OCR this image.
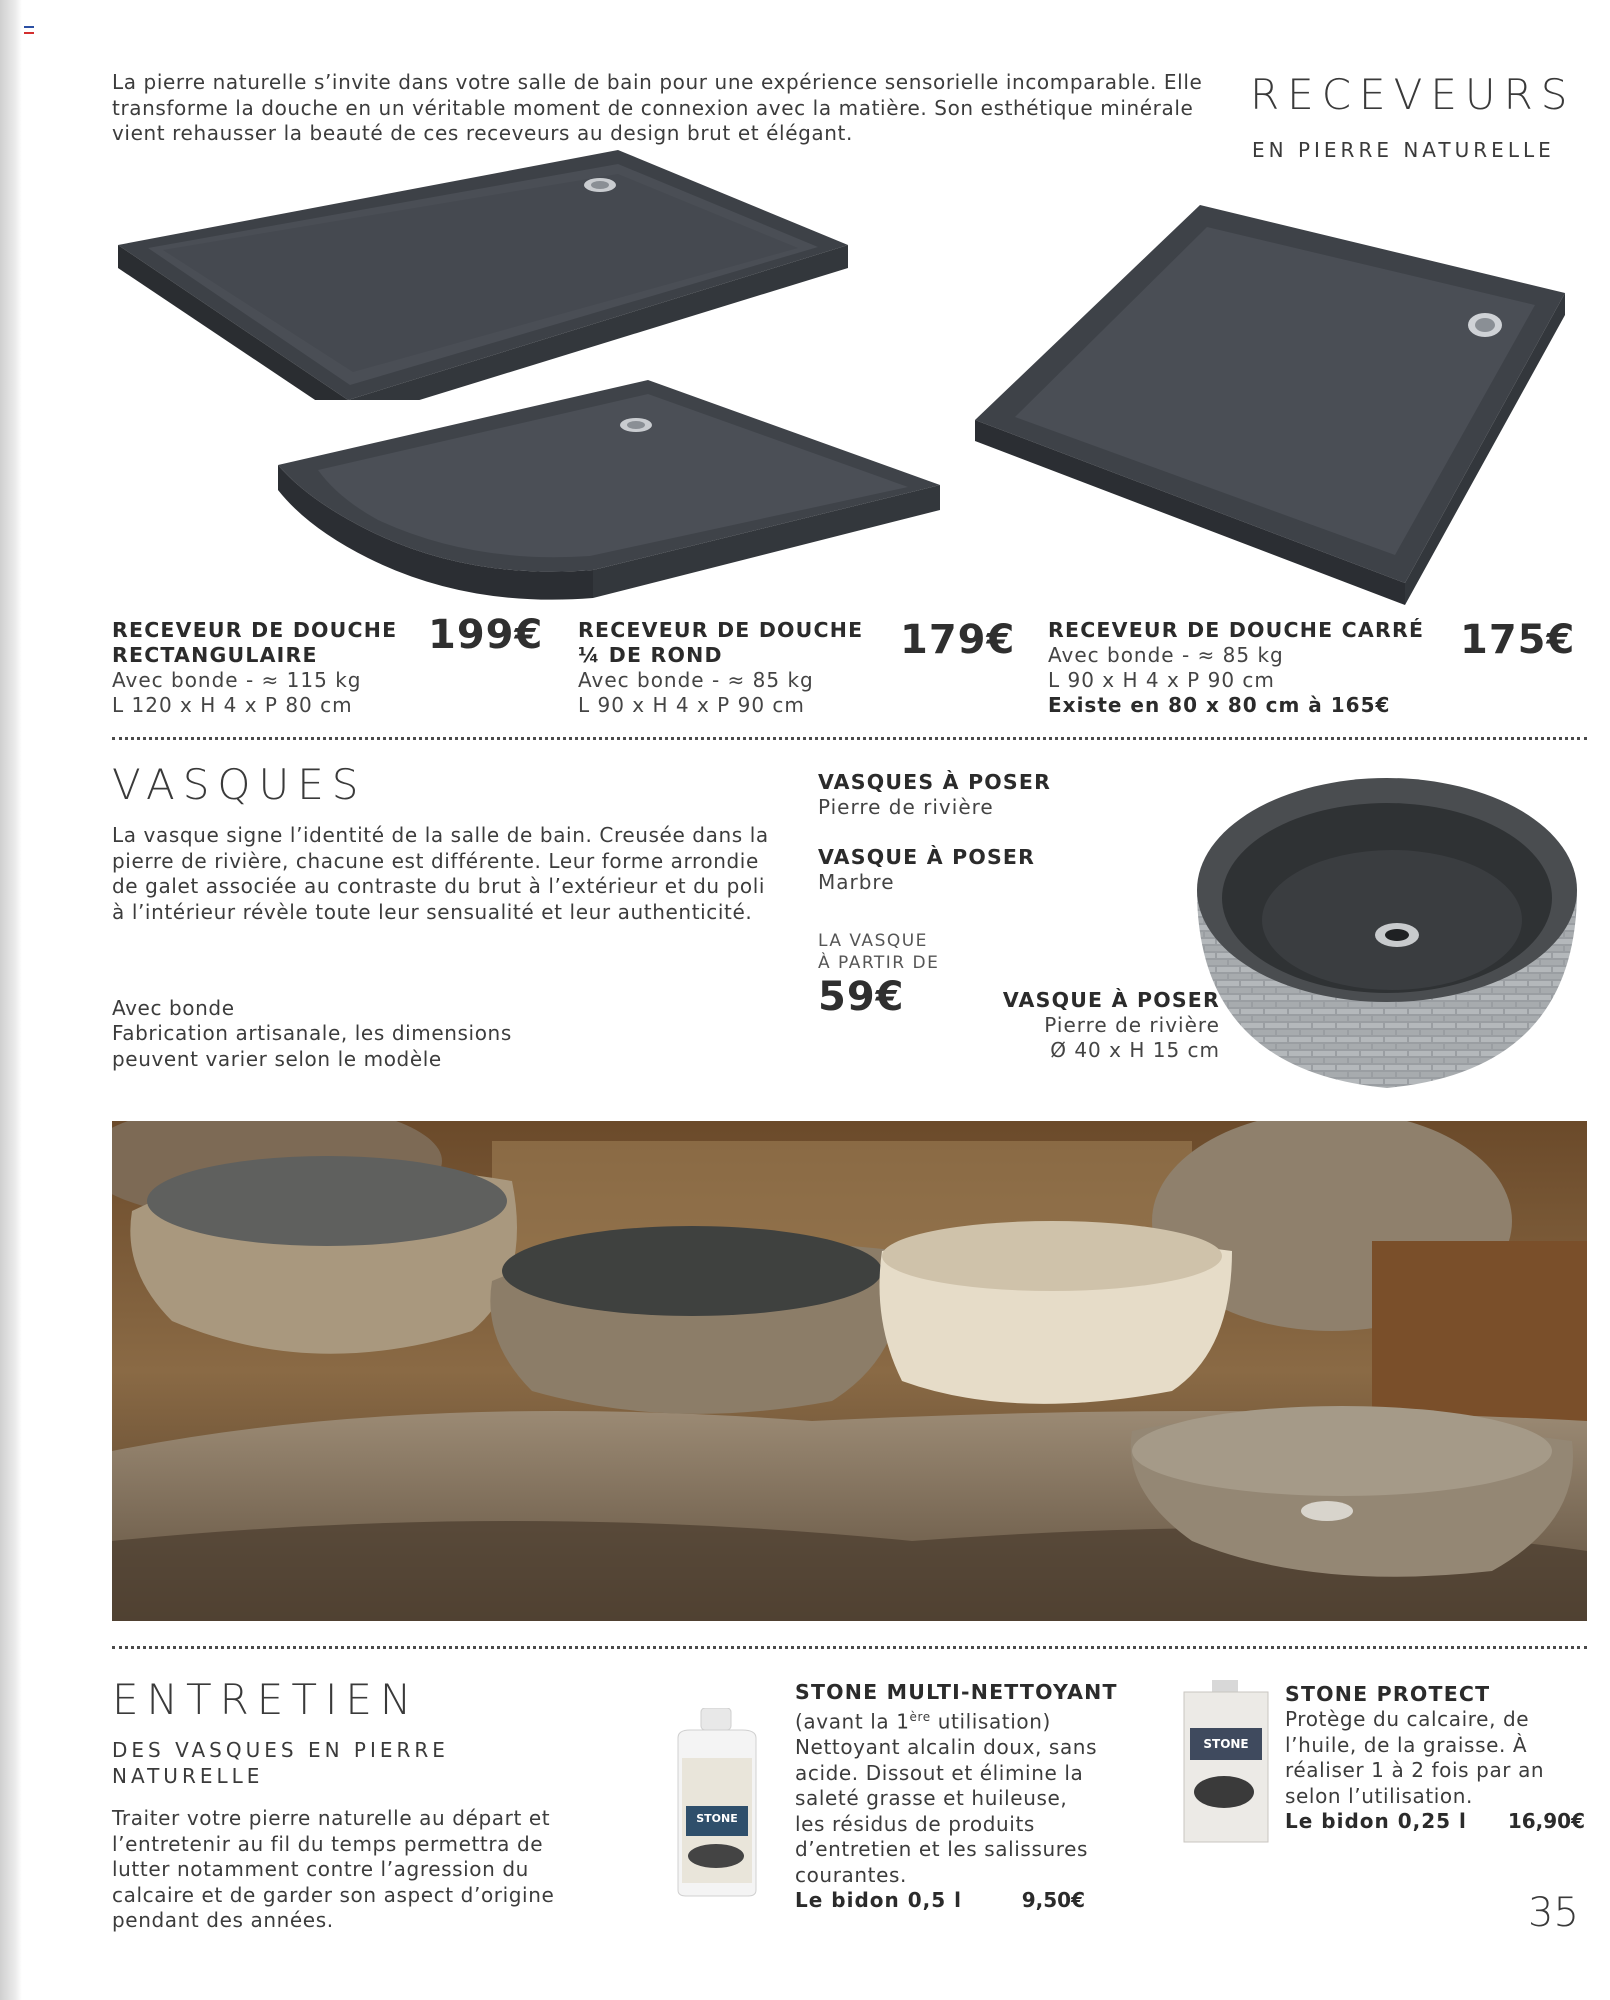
La pierre naturelle s’invite dans votre salle de bain pour une expérience sensorielle incomparable. Elle transforme la douche en un véritable moment de connexion avec la matière. Son esthétique minérale vient rehausser la beauté de ces receveurs au design brut et élégant.
RECEVEURS
EN PIERRE NATURELLE
RECEVEUR DE DOUCHE RECTANGULAIRE
Avec bonde - ≈ 115 kg
L 120 x H 4 x P 80 cm
199€ RECEVEUR DE DOUCHE ¼ DE ROND
Avec bonde - ≈ 85 kg
L 90 x H 4 x P 90 cm
179€ RECEVEUR DE DOUCHE CARRÉ
Avec bonde - ≈ 85 kg
L 90 x H 4 x P 90 cm
Existe en 80 x 80 cm à 165€
175€
VASQUES
La vasque signe l’identité de la salle de bain. Creusée dans la pierre de rivière, chacune est différente. Leur forme arrondie de galet associée au contraste du brut à l’extérieur et du poli à l’intérieur révèle toute leur sensualité et leur authenticité.
Avec bonde
Fabrication artisanale, les dimensions peuvent varier selon le modèle
VASQUES À POSER
Pierre de rivière
VASQUE À POSER
Marbre
LA VASQUE
À PARTIR DE
59€	VASQUE À POSER
Pierre de rivière
Ø 40 x H 15 cm
ENTRETIEN
DES VASQUES EN PIERRE NATURELLE
Traiter votre pierre naturelle au départ et l’entretenir au fil du temps permettra de lutter notamment contre l’agression du calcaire et de garder son aspect d’origine pendant des années.
STONE
STONE MULTI-NETTOYANT
(avant la 1ère utilisation)
Nettoyant alcalin doux, sans acide. Dissout et élimine la saleté grasse et huileuse, les résidus de produits d’entretien et les salissures courantes.
Le bidon 0,5 l	9,50€
STONE
STONE PROTECT
Protège du calcaire, de l’huile, de la graisse. À réaliser 1 à 2 fois par an selon l’utilisation.
Le bidon 0,25 l 16,90€
35
